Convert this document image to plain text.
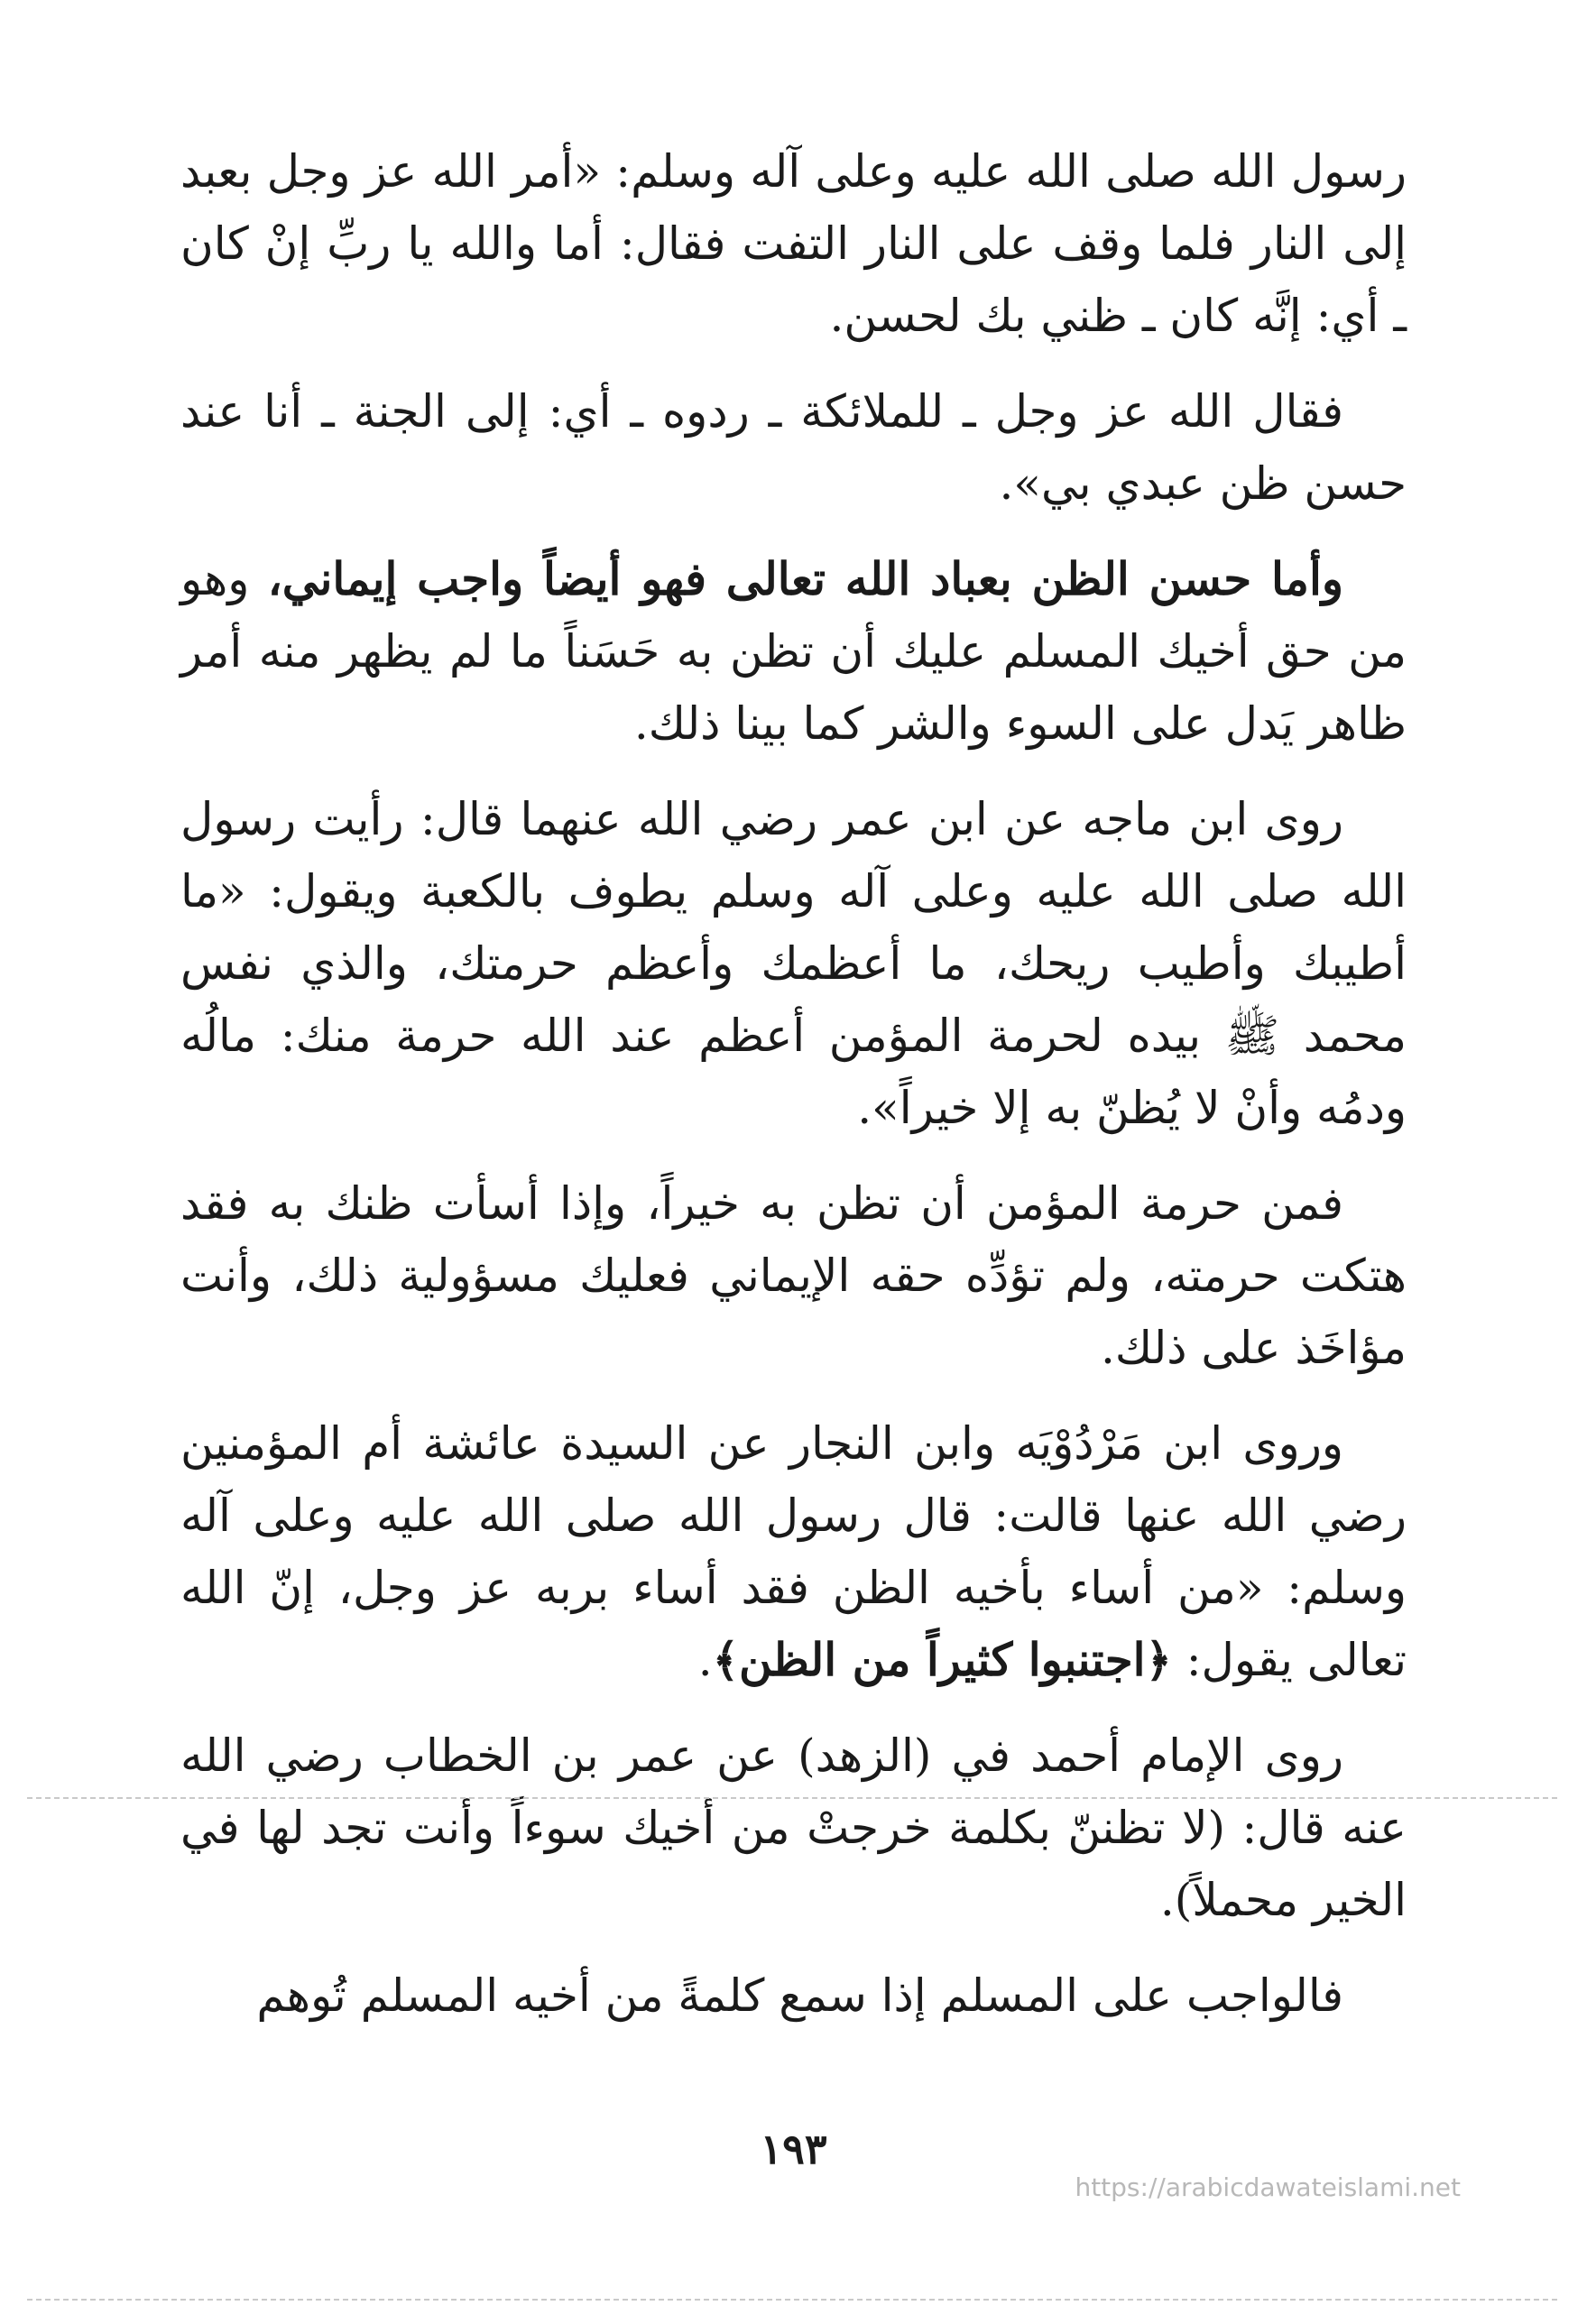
رسول الله صلى الله عليه وعلى آله وسلم: «أمر الله عز وجل بعبد إلى النار فلما وقف على النار التفت فقال: أما والله يا ربِّ إنْ كان ـ أي: إنَّه كان ـ ظني بك لحسن.

فقال الله عز وجل ـ للملائكة ـ ردوه ـ أي: إلى الجنة ـ أنا عند حسن ظن عبدي بي».

وأما حسن الظن بعباد الله تعالى فهو أيضاً واجب إيماني، وهو من حق أخيك المسلم عليك أن تظن به حَسَناً ما لم يظهر منه أمر ظاهر يَدل على السوء والشر كما بينا ذلك.

روى ابن ماجه عن ابن عمر رضي الله عنهما قال: رأيت رسول الله صلى الله عليه وعلى آله وسلم يطوف بالكعبة ويقول: «ما أطيبك وأطيب ريحك، ما أعظمك وأعظم حرمتك، والذي نفس محمد ﷺ بيده لحرمة المؤمن أعظم عند الله حرمة منك: مالُه ودمُه وأنْ لا يُظنّ به إلا خيراً».

فمن حرمة المؤمن أن تظن به خيراً، وإذا أسأت ظنك به فقد هتكت حرمته، ولم تؤدِّه حقه الإيماني فعليك مسؤولية ذلك، وأنت مؤاخَذ على ذلك.

وروى ابن مَرْدُوْيَه وابن النجار عن السيدة عائشة أم المؤمنين رضي الله عنها قالت: قال رسول الله صلى الله عليه وعلى آله وسلم: «من أساء بأخيه الظن فقد أساء بربه عز وجل، إنّ الله تعالى يقول: ﴿اجتنبوا كثيراً من الظن﴾.

روى الإمام أحمد في (الزهد) عن عمر بن الخطاب رضي الله عنه قال: (لا تظننّ بكلمة خرجتْ من أخيك سوءاً وأنت تجد لها في الخير محملاً).

فالواجب على المسلم إذا سمع كلمةً من أخيه المسلم تُوهم

١٩٣
https://arabicdawateislami.net
